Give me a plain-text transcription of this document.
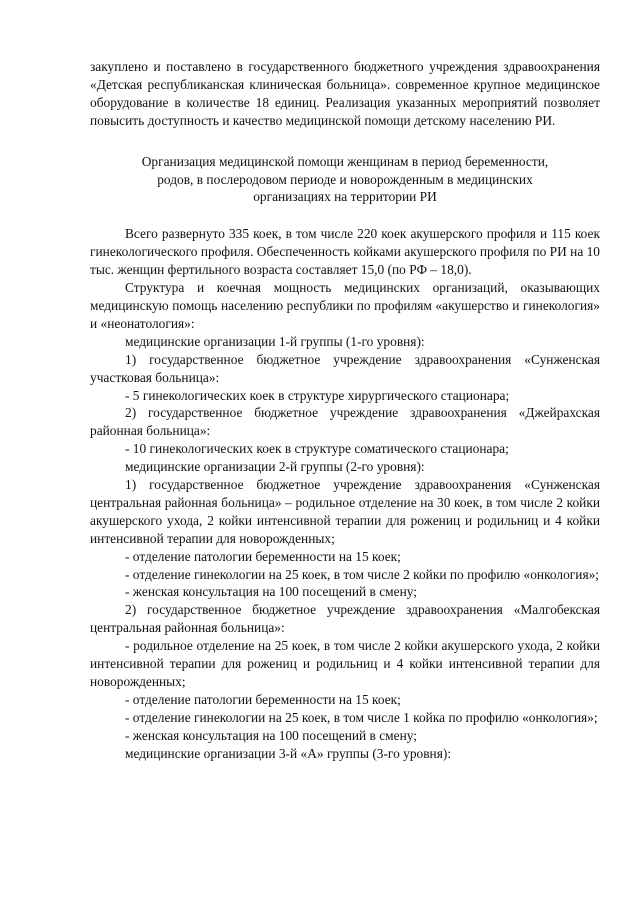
закуплено и поставлено в государственного бюджетного учреждения здравоохранения «Детская республиканская клиническая больница». современное крупное медицинское оборудование в количестве 18 единиц. Реализация указанных мероприятий позволяет повысить доступность и качество медицинской помощи детскому населению РИ.

Организация медицинской помощи женщинам в период беременности,
родов, в послеродовом периоде и новорожденным в медицинских
организациях на территории РИ

Всего развернуто 335 коек, в том числе 220 коек акушерского профиля и 115 коек гинекологического профиля. Обеспеченность койками акушерского профиля по РИ на 10 тыс. женщин фертильного возраста составляет 15,0 (по РФ – 18,0).

Структура и коечная мощность медицинских организаций, оказывающих медицинскую помощь населению республики по профилям «акушерство и гинекология» и «неонатология»:

медицинские организации 1-й группы (1-го уровня):

1) государственное бюджетное учреждение здравоохранения «Сунженская участковая больница»:

- 5 гинекологических коек в структуре хирургического стационара;

2) государственное бюджетное учреждение здравоохранения «Джейрахская районная больница»:

- 10 гинекологических коек в структуре соматического стационара;

медицинские организации 2-й группы (2-го уровня):

1) государственное бюджетное учреждение здравоохранения «Сунженская центральная районная больница» – родильное отделение на 30 коек, в том числе 2 койки акушерского ухода, 2 койки интенсивной терапии для рожениц и родильниц и 4 койки интенсивной терапии для новорожденных;

- отделение патологии беременности на 15 коек;

- отделение гинекологии на 25 коек, в том числе 2 койки по профилю «онкология»;

- женская консультация на 100 посещений в смену;

2) государственное бюджетное учреждение здравоохранения «Малгобекская центральная районная больница»:

- родильное отделение на 25 коек, в том числе 2 койки акушерского ухода, 2 койки интенсивной терапии для рожениц и родильниц и 4 койки интенсивной терапии для новорожденных;

- отделение патологии беременности на 15 коек;

- отделение гинекологии на 25 коек, в том числе 1 койка по профилю «онкология»;

- женская консультация на 100 посещений в смену;

медицинские организации 3-й «А» группы (3-го уровня):
